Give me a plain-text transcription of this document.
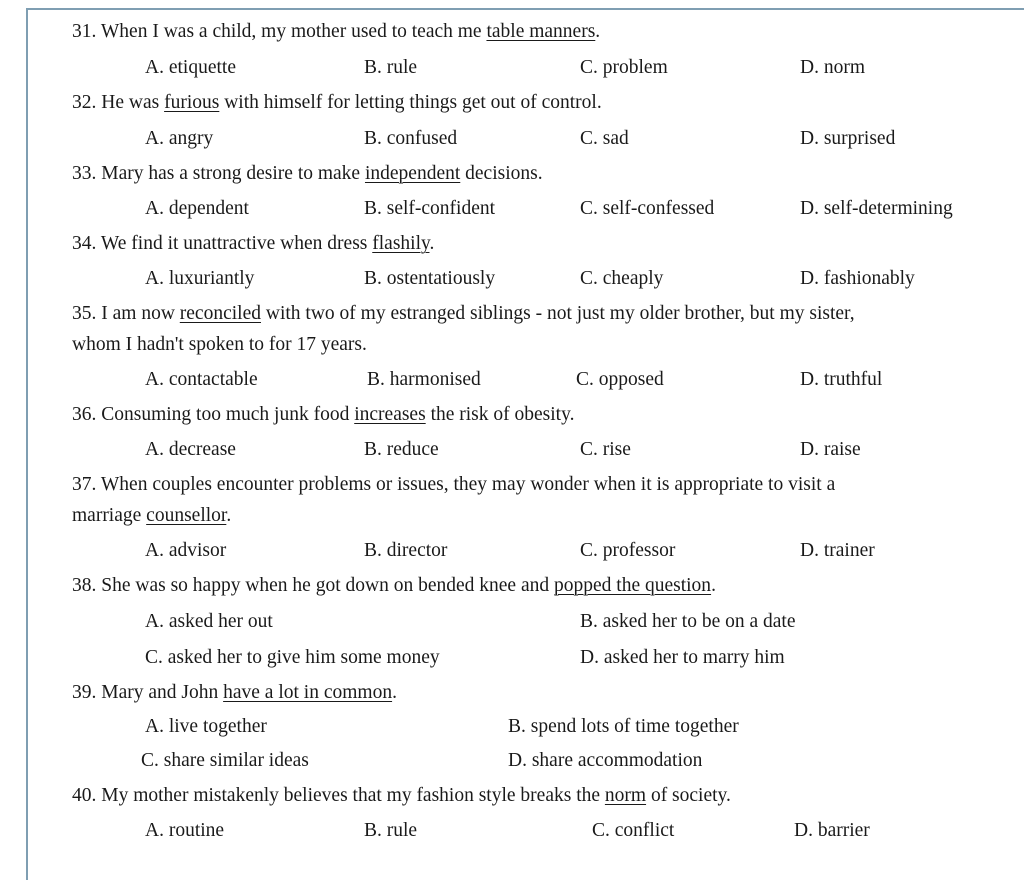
31. When I was a child, my mother used to teach me table manners.
A. etiquette	B. rule	C. problem	D. norm
32. He was furious with himself for letting things get out of control.
A. angry	B. confused	C. sad	D. surprised
33. Mary has a strong desire to make independent decisions.
A. dependent	B. self-confident	C. self-confessed	D. self-determining
34. We find it unattractive when dress flashily.
A. luxuriantly	B. ostentatiously	C. cheaply	D. fashionably
35. I am now reconciled with two of my estranged siblings - not just my older brother, but my sister,
whom I hadn't spoken to for 17 years.
A. contactable	B. harmonised	C. opposed	D. truthful
36. Consuming too much junk food increases the risk of obesity.
A. decrease	B. reduce	C. rise	D. raise
37. When couples encounter problems or issues, they may wonder when it is appropriate to visit a
marriage counsellor.
A. advisor	B. director	C. professor	D. trainer
38. She was so happy when he got down on bended knee and popped the question.
A. asked her out	B. asked her to be on a date
C. asked her to give him some money	D. asked her to marry him
39. Mary and John have a lot in common.
A. live together	B. spend lots of time together
C. share similar ideas	D. share accommodation
40. My mother mistakenly believes that my fashion style breaks the norm of society.
A. routine	B. rule	C. conflict	D. barrier
